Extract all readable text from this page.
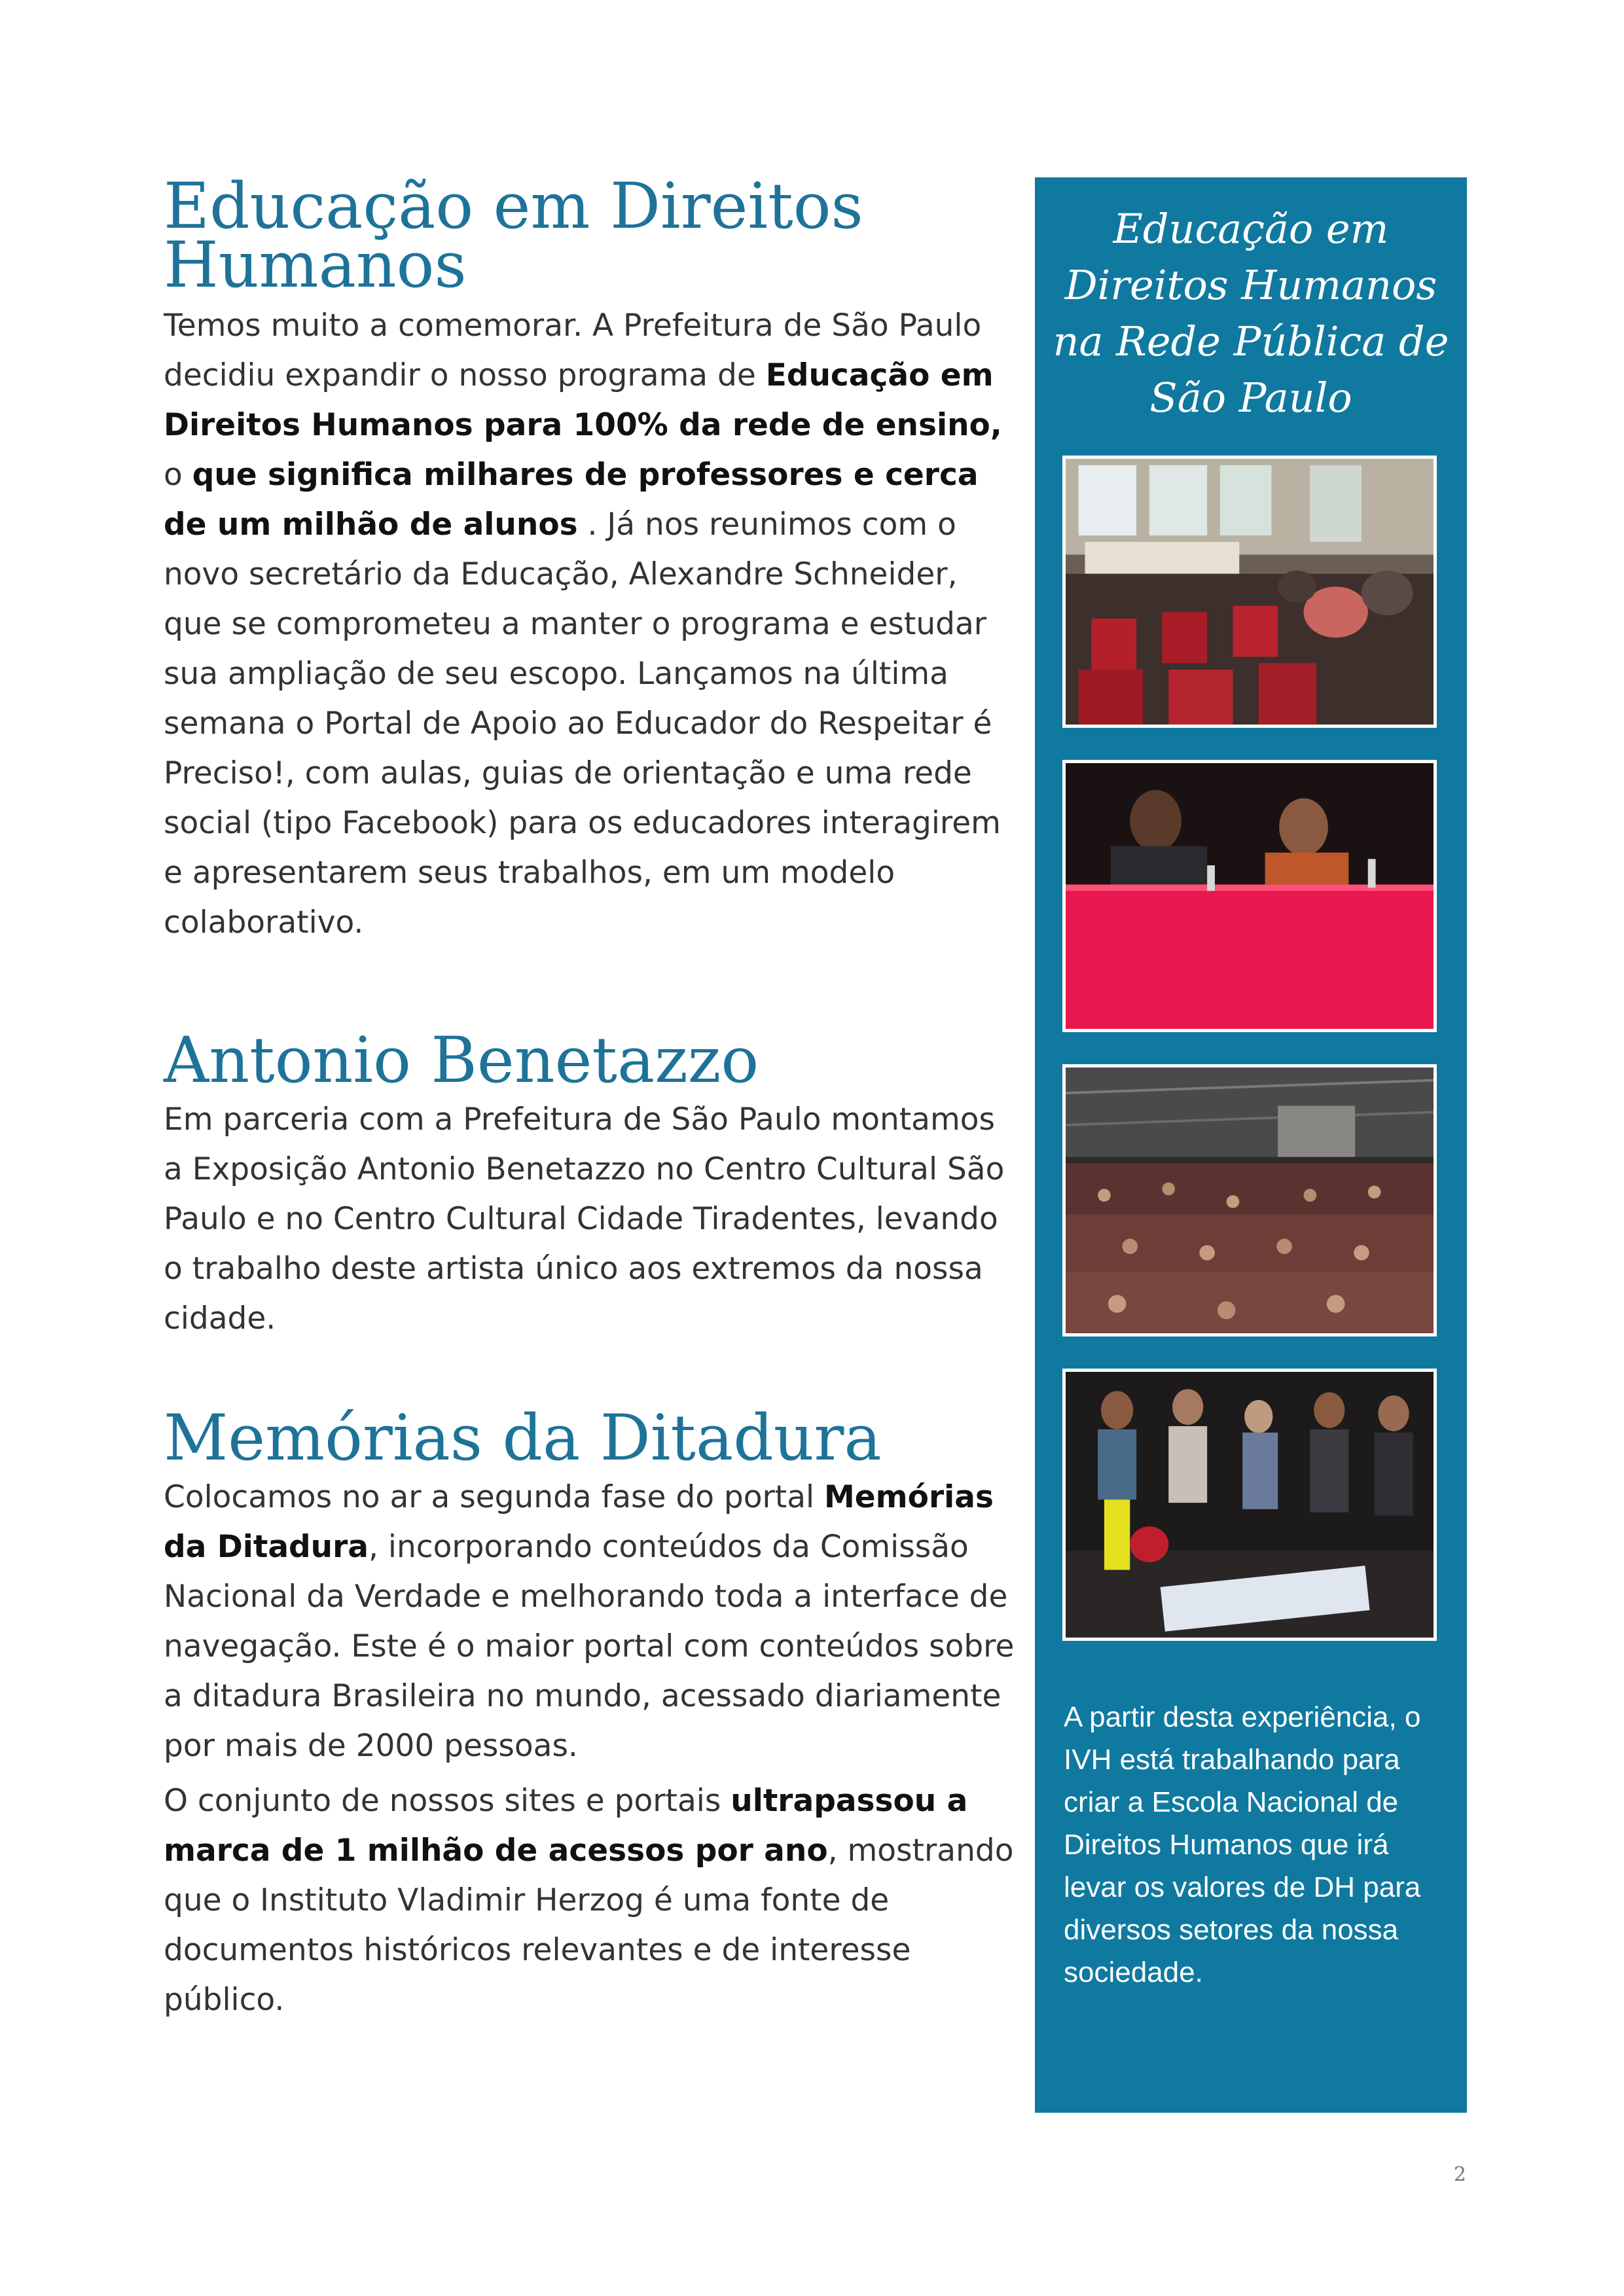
Educação em Direitos Humanos

Temos muito a comemorar. A Prefeitura de São Paulo decidiu expandir o nosso programa de Educação em Direitos Humanos para 100% da rede de ensino, o que significa milhares de professores e cerca de um milhão de alunos . Já nos reunimos com o novo secretário da Educação, Alexandre Schneider, que se comprometeu a manter o programa e estudar sua ampliação de seu escopo. Lançamos na última semana o Portal de Apoio ao Educador do Respeitar é Preciso!, com aulas, guias de orientação e uma rede social (tipo Facebook) para os educadores interagirem e apresentarem seus trabalhos, em um modelo colaborativo.

Antonio Benetazzo

Em parceria com a Prefeitura de São Paulo montamos a Exposição Antonio Benetazzo no Centro Cultural São Paulo e no Centro Cultural Cidade Tiradentes, levando o trabalho deste artista único aos extremos da nossa cidade.

Memórias da Ditadura

Colocamos no ar a segunda fase do portal Memórias da Ditadura, incorporando conteúdos da Comissão Nacional da Verdade e melhorando toda a interface de navegação. Este é o maior portal com conteúdos sobre a ditadura Brasileira no mundo, acessado diariamente por mais de 2000 pessoas.

O conjunto de nossos sites e portais ultrapassou a marca de 1 milhão de acessos por ano, mostrando que o Instituto Vladimir Herzog é uma fonte de documentos históricos relevantes e de interesse público.

Educação em Direitos Humanos na Rede Pública de São Paulo
A partir desta experiência, o IVH está trabalhando para criar a Escola Nacional de Direitos Humanos que irá levar os valores de DH para diversos setores da nossa sociedade.
2
